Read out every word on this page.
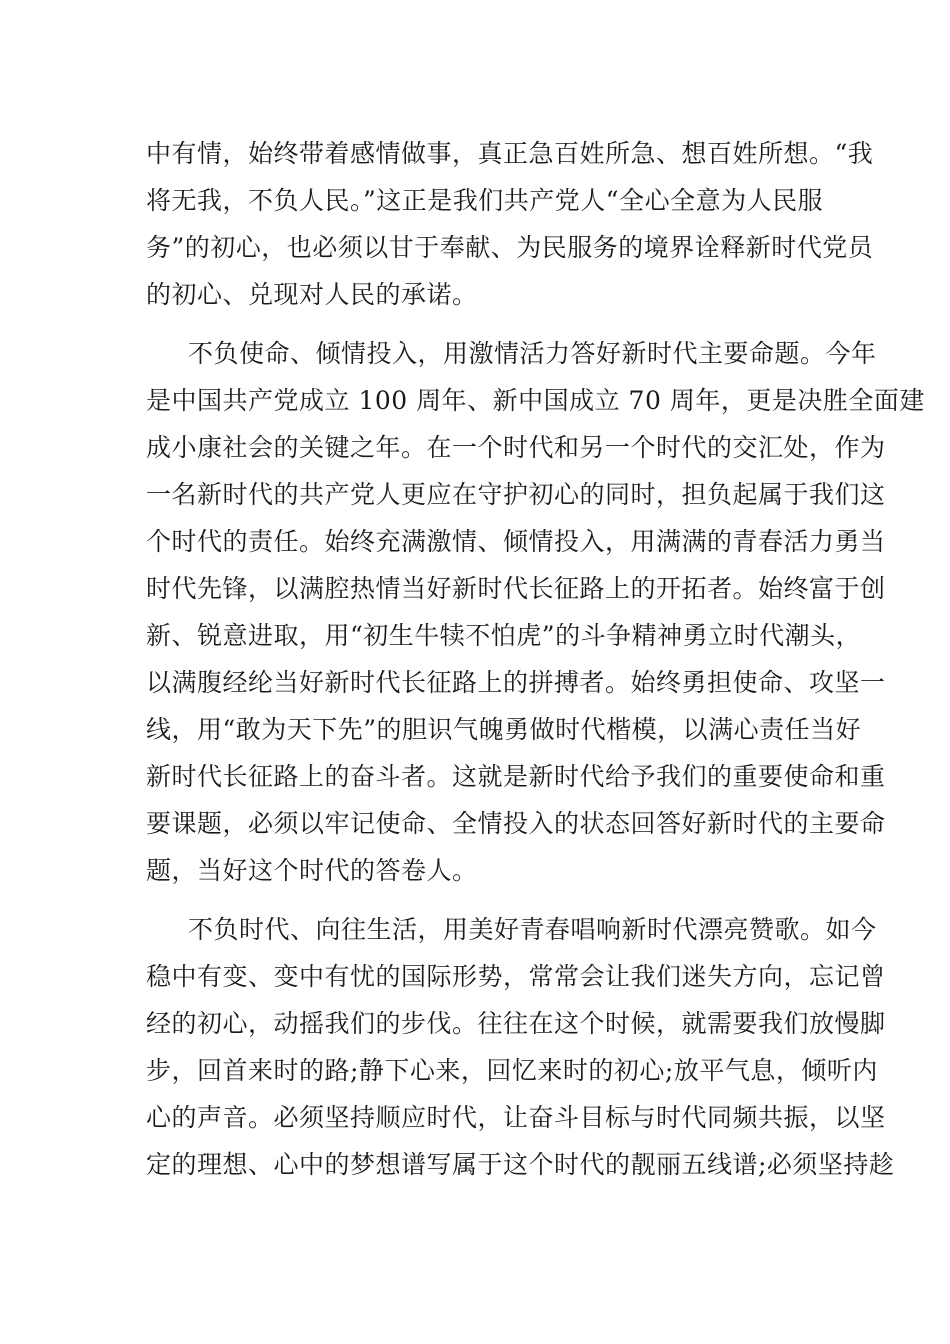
中有情，始终带着感情做事，真正急百姓所急、想百姓所想。“我
将无我，不负人民。”这正是我们共产党人“全心全意为人民服
务”的初心，也必须以甘于奉献、为民服务的境界诠释新时代党员
的初心、兑现对人民的承诺。
不负使命、倾情投入，用激情活力答好新时代主要命题。今年
是中国共产党成立 100 周年、新中国成立 70 周年，更是决胜全面建
成小康社会的关键之年。在一个时代和另一个时代的交汇处，作为
一名新时代的共产党人更应在守护初心的同时，担负起属于我们这
个时代的责任。始终充满激情、倾情投入，用满满的青春活力勇当
时代先锋，以满腔热情当好新时代长征路上的开拓者。始终富于创
新、锐意进取，用“初生牛犊不怕虎”的斗争精神勇立时代潮头，
以满腹经纶当好新时代长征路上的拼搏者。始终勇担使命、攻坚一
线，用“敢为天下先”的胆识气魄勇做时代楷模，以满心责任当好
新时代长征路上的奋斗者。这就是新时代给予我们的重要使命和重
要课题，必须以牢记使命、全情投入的状态回答好新时代的主要命
题，当好这个时代的答卷人。
不负时代、向往生活，用美好青春唱响新时代漂亮赞歌。如今
稳中有变、变中有忧的国际形势，常常会让我们迷失方向，忘记曾
经的初心，动摇我们的步伐。往往在这个时候，就需要我们放慢脚
步，回首来时的路;静下心来，回忆来时的初心;放平气息，倾听内
心的声音。必须坚持顺应时代，让奋斗目标与时代同频共振，以坚
定的理想、心中的梦想谱写属于这个时代的靓丽五线谱;必须坚持趁
